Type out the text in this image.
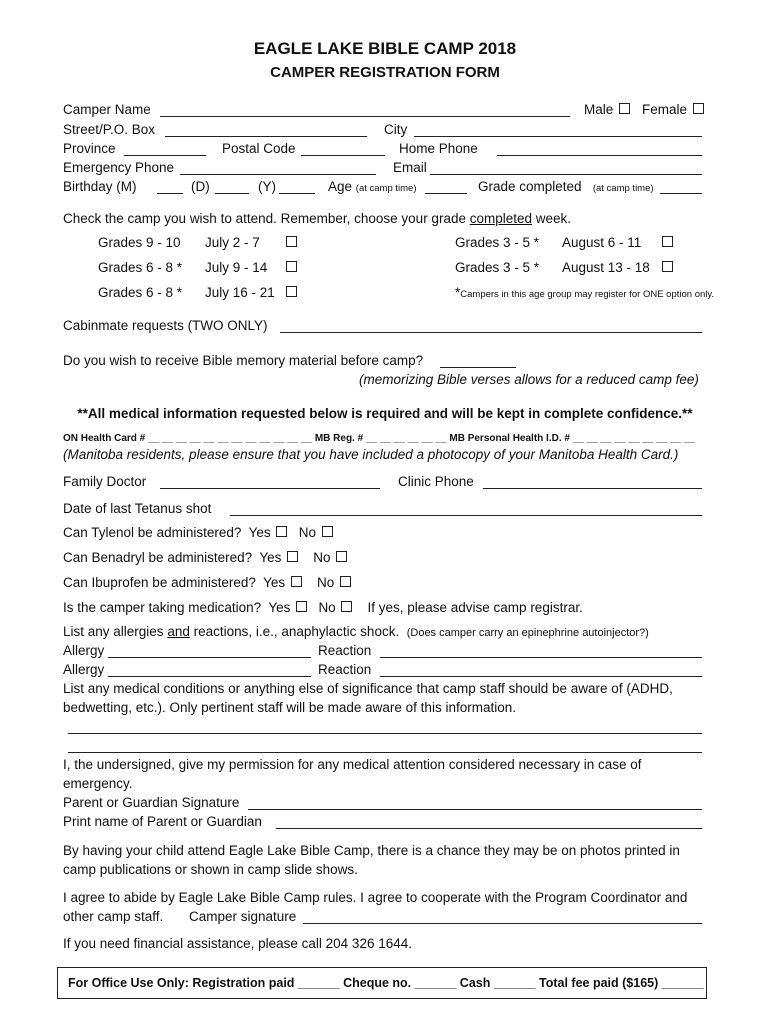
EAGLE LAKE BIBLE CAMP 2018
CAMPER REGISTRATION FORM
Camper Name	Male	Female
Street/P.O. Box	City
Province	Postal Code	Home Phone
Emergency Phone	Email
Birthday (M)	(D)	(Y)	Age (at camp time)	Grade completed (at camp time)
Check the camp you wish to attend. Remember, choose your grade completed week.
Grades 9 - 10 July 2 - 7	Grades 3 - 5 * August 6 - 11
Grades 6 - 8 * July 9 - 14	Grades 3 - 5 * August 13 - 18
Grades 6 - 8 * July 16 - 21	*Campers in this age group may register for ONE option only.
Cabinmate requests (TWO ONLY)
Do you wish to receive Bible memory material before camp?
(memorizing Bible verses allows for a reduced camp fee)
**All medical information requested below is required and will be kept in complete confidence.**
ON Health Card # __ __ __ __ __ __ __ __ __ __ __ __ MB Reg. # __ __ __ __ __ __ MB Personal Health I.D. # __ __ __ __ __ __ __ __ __
(Manitoba residents, please ensure that you have included a photocopy of your Manitoba Health Card.)
Family Doctor	Clinic Phone
Date of last Tetanus shot
Can Tylenol be administered? Yes No
Can Benadryl be administered? Yes No
Can Ibuprofen be administered? Yes No
Is the camper taking medication? Yes No If yes, please advise camp registrar.
List any allergies and reactions, i.e., anaphylactic shock. (Does camper carry an epinephrine autoinjector?)
Allergy	Reaction
Allergy	Reaction
List any medical conditions or anything else of significance that camp staff should be aware of (ADHD,
bedwetting, etc.). Only pertinent staff will be made aware of this information.
I, the undersigned, give my permission for any medical attention considered necessary in case of
emergency.
Parent or Guardian Signature
Print name of Parent or Guardian
By having your child attend Eagle Lake Bible Camp, there is a chance they may be on photos printed in
camp publications or shown in camp slide shows.
I agree to abide by Eagle Lake Bible Camp rules. I agree to cooperate with the Program Coordinator and
other camp staff. Camper signature
If you need financial assistance, please call 204 326 1644.
For Office Use Only: Registration paid ______ Cheque no. ______ Cash ______ Total fee paid ($165) ______
